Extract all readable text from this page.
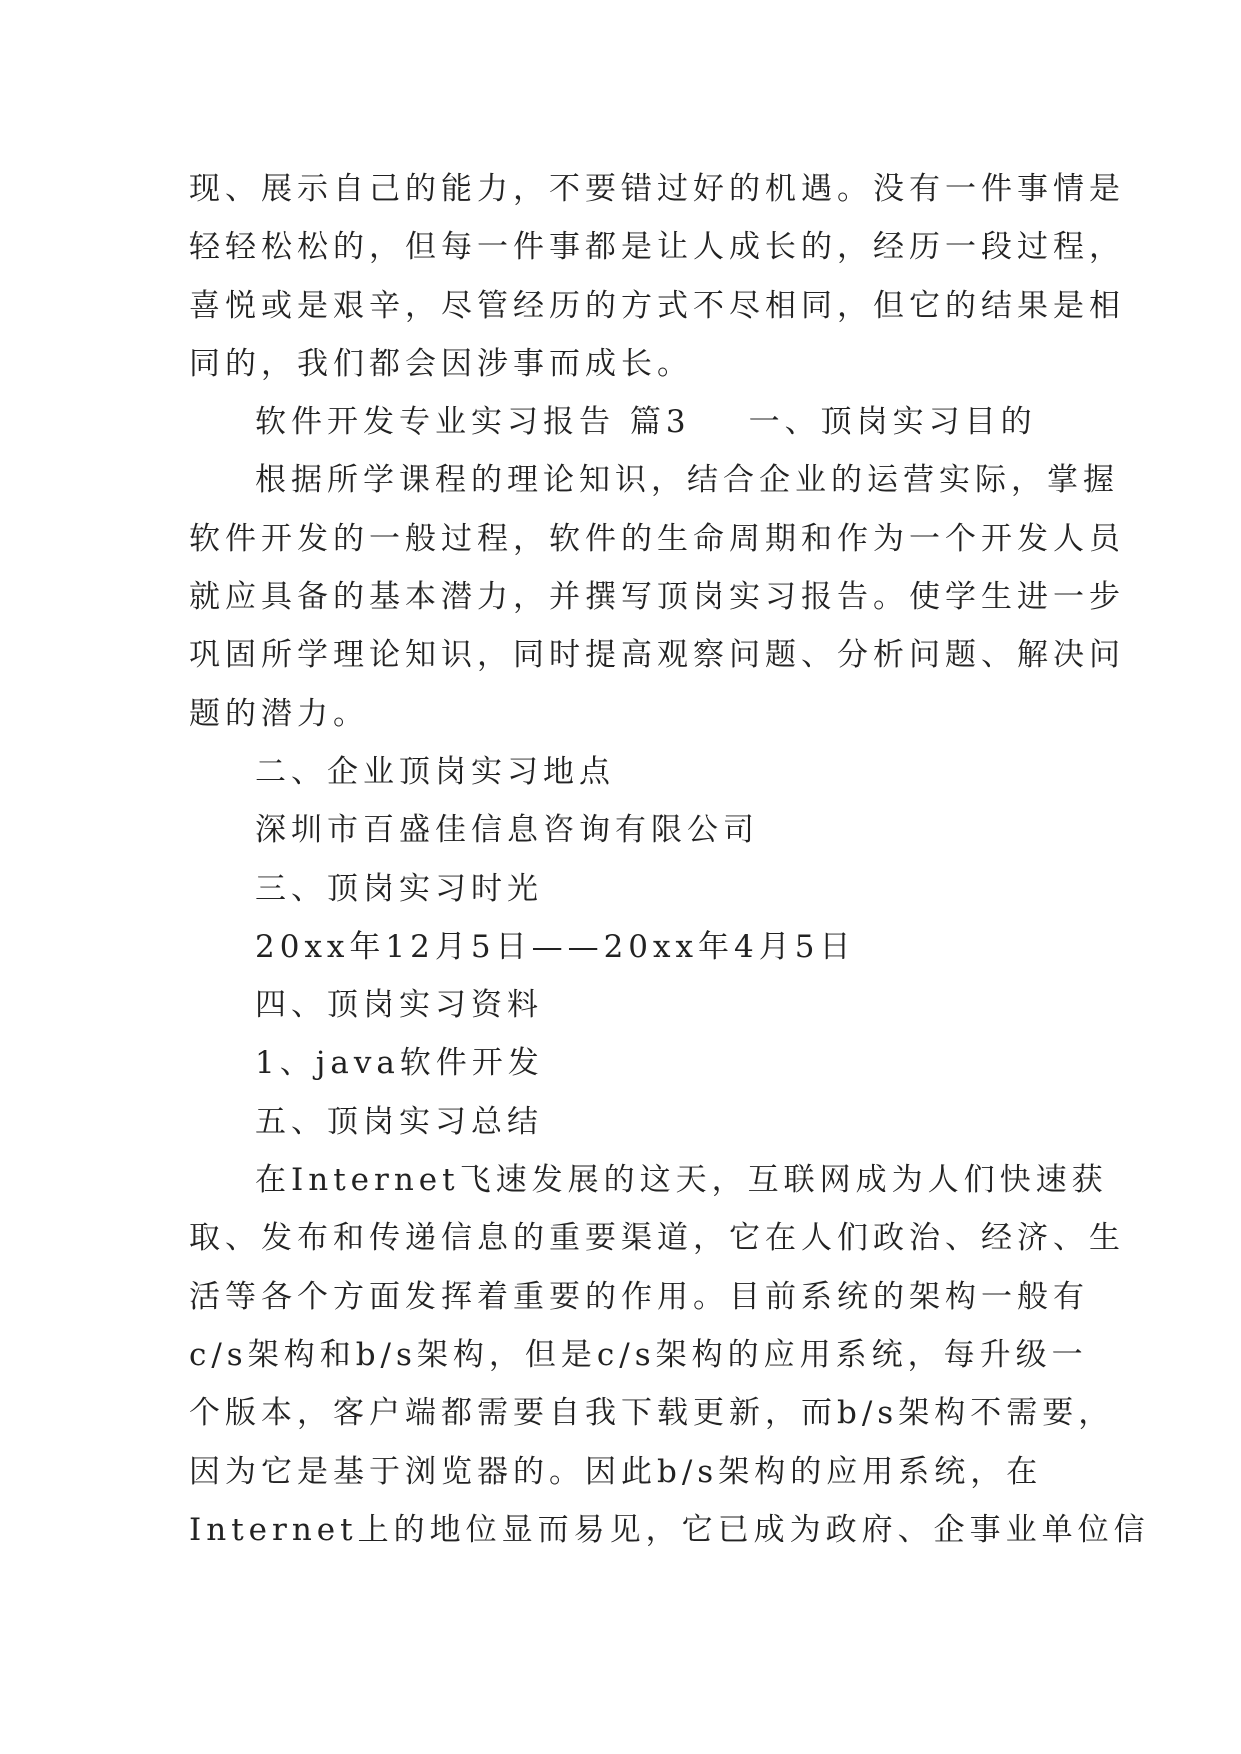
现、展示自己的能力，不要错过好的机遇。没有一件事情是
轻轻松松的，但每一件事都是让人成长的，经历一段过程，
喜悦或是艰辛，尽管经历的方式不尽相同，但它的结果是相
同的，我们都会因涉事而成长。
软件开发专业实习报告 篇3 一、顶岗实习目的
根据所学课程的理论知识，结合企业的运营实际，掌握
软件开发的一般过程，软件的生命周期和作为一个开发人员
就应具备的基本潜力，并撰写顶岗实习报告。使学生进一步
巩固所学理论知识，同时提高观察问题、分析问题、解决问
题的潜力。
二、企业顶岗实习地点
深圳市百盛佳信息咨询有限公司
三、顶岗实习时光
20xx年12月5日——20xx年4月5日
四、顶岗实习资料
1、java软件开发
五、顶岗实习总结
在Internet飞速发展的这天，互联网成为人们快速获
取、发布和传递信息的重要渠道，它在人们政治、经济、生
活等各个方面发挥着重要的作用。目前系统的架构一般有
c/s架构和b/s架构，但是c/s架构的应用系统，每升级一
个版本，客户端都需要自我下载更新，而b/s架构不需要，
因为它是基于浏览器的。因此b/s架构的应用系统，在
Internet上的地位显而易见，它已成为政府、企事业单位信
